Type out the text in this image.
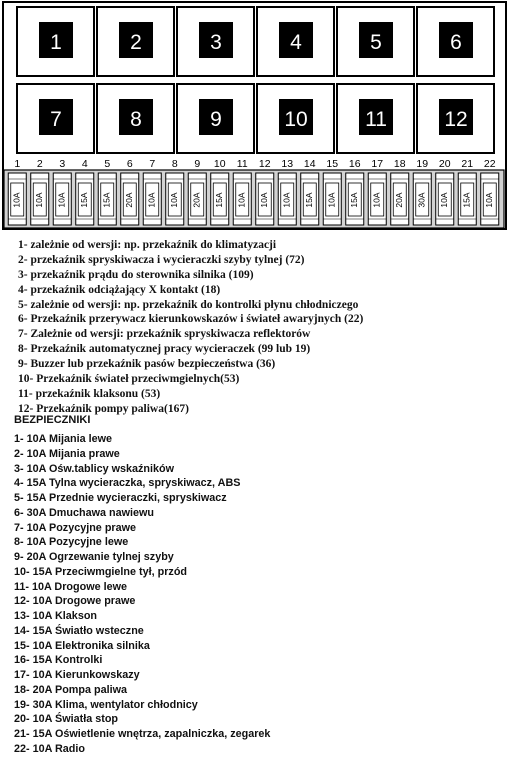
1	2	3	4	5	6
7	8	9	10	11	12
1 2 3 4 5 6 7 8 9 10 11 12 13 14 15 16 17 18 19 20 21 22
10A 10A 10A 15A 15A 20A 10A 10A 20A 15A 10A 10A 10A 15A 10A 15A 10A 20A 30A 10A 15A 10A
1- zależnie od wersji: np. przekaźnik do klimatyzacji
2- przekaźnik spryskiwacza i wycieraczki szyby tylnej (72)
3- przekaźnik prądu do sterownika silnika (109)
4- przekaźnik odciążający X kontakt (18)
5- zależnie od wersji: np. przekaźnik do kontrolki płynu chłodniczego
6- Przekaźnik przerywacz kierunkowskazów i świateł awaryjnych (22)
7- Zależnie od wersji: przekaźnik spryskiwacza reflektorów
8- Przekaźnik automatycznej pracy wycieraczek (99 lub 19)
9- Buzzer lub przekaźnik pasów bezpieczeństwa (36)
10- Przekaźnik świateł przeciwmgielnych(53)
11- przekaźnik klaksonu (53)
12- Przekaźnik pompy paliwa(167)
BEZPIECZNIKI
1- 10A Mijania lewe
2- 10A Mijania prawe
3- 10A Ośw.tablicy wskaźników
4- 15A Tylna wycieraczka, spryskiwacz, ABS
5- 15A Przednie wycieraczki, spryskiwacz
6- 30A Dmuchawa nawiewu
7- 10A Pozycyjne prawe
8- 10A Pozycyjne lewe
9- 20A Ogrzewanie tylnej szyby
10- 15A Przeciwmgielne tył, przód
11- 10A Drogowe lewe
12- 10A Drogowe prawe
13- 10A Klakson
14- 15A Światło wsteczne
15- 10A Elektronika silnika
16- 15A Kontrolki
17- 10A Kierunkowskazy
18- 20A Pompa paliwa
19- 30A Klima, wentylator chłodnicy
20- 10A Światła stop
21- 15A Oświetlenie wnętrza, zapalniczka, zegarek
22- 10A Radio
